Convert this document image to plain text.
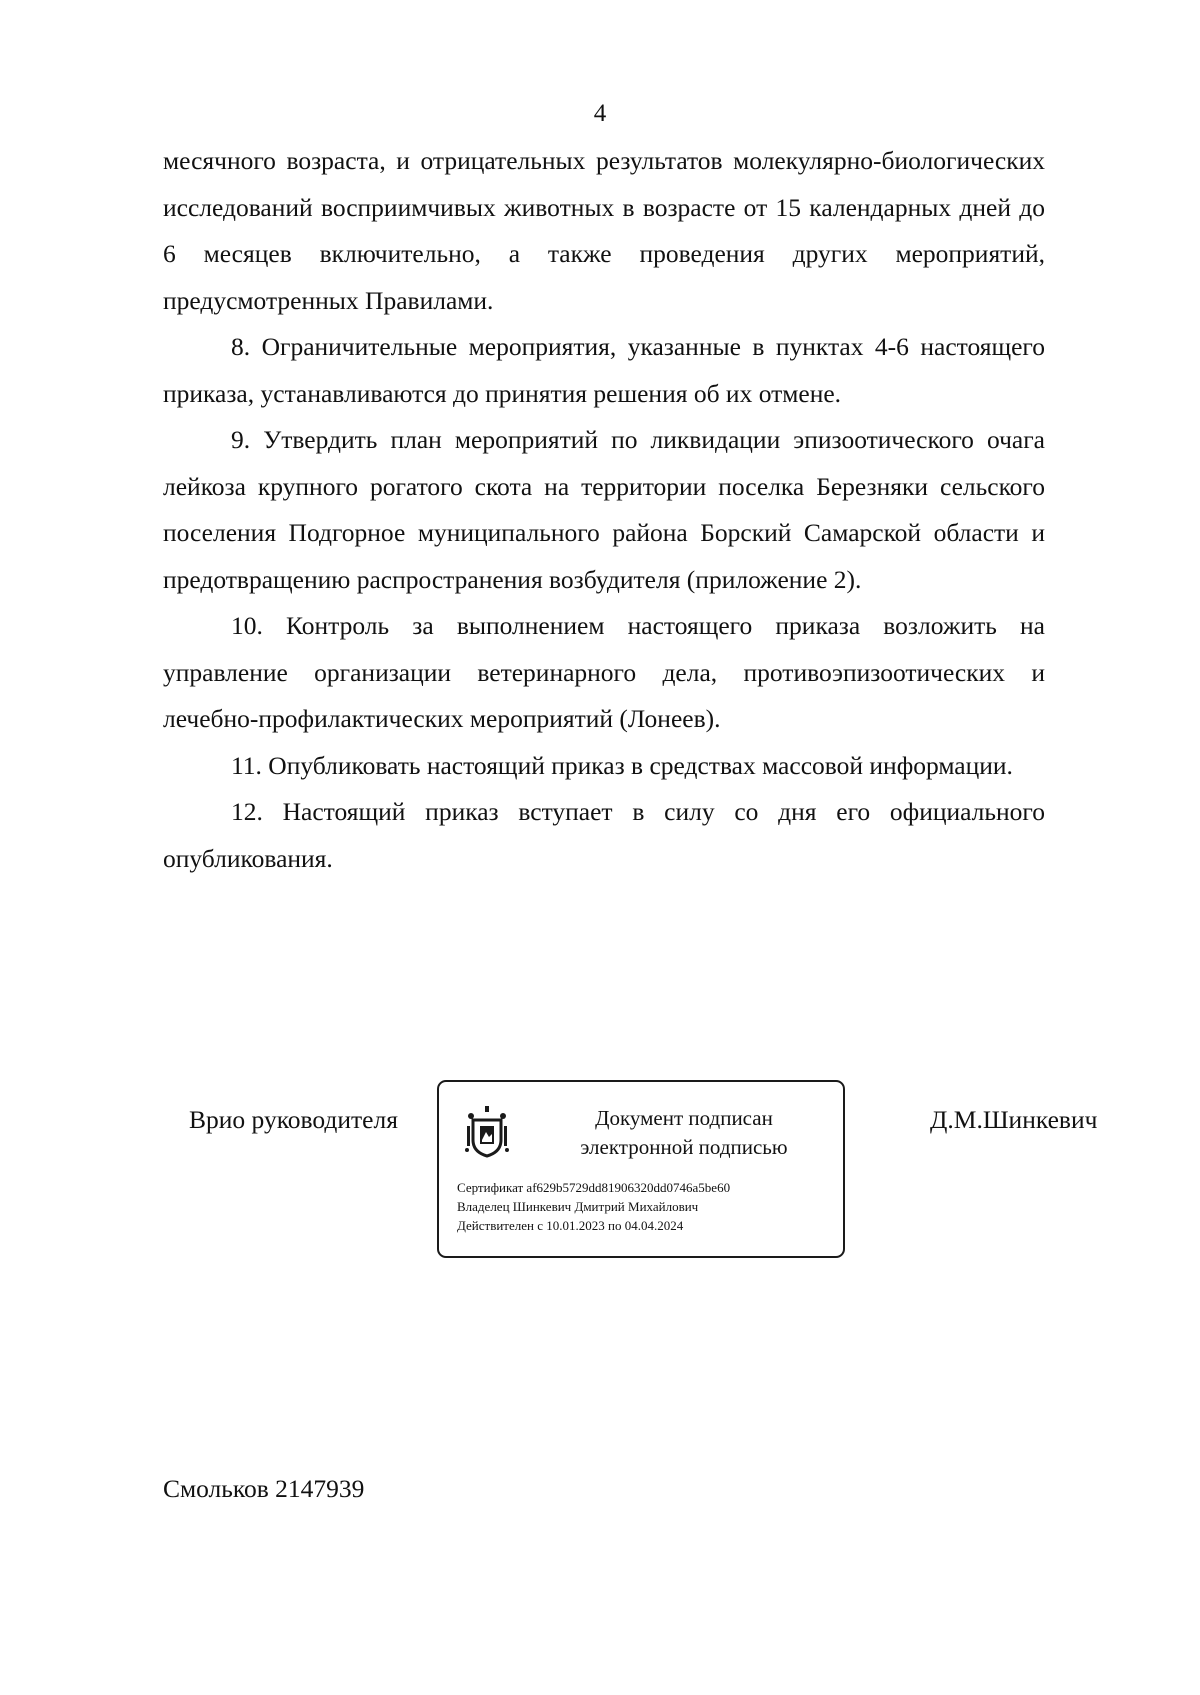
4

месячного возраста, и отрицательных результатов молекулярно-биологических исследований восприимчивых животных в возрасте от 15 календарных дней до 6 месяцев включительно, а также проведения других мероприятий, предусмотренных Правилами.

8. Ограничительные мероприятия, указанные в пунктах 4-6 настоящего приказа, устанавливаются до принятия решения об их отмене.

9. Утвердить план мероприятий по ликвидации эпизоотического очага лейкоза крупного рогатого скота на территории поселка Березняки сельского поселения Подгорное муниципального района Борский Самарской области и предотвращению распространения возбудителя (приложение 2).

10. Контроль за выполнением настоящего приказа возложить на управление организации ветеринарного дела, противоэпизоотических и лечебно-профилактических мероприятий (Лонеев).

11. Опубликовать настоящий приказ в средствах массовой информации.

12. Настоящий приказ вступает в силу со дня его официального опубликования.

Врио руководителя	Документ подписан
электронной подписью
Сертификат af629b5729dd81906320dd0746a5be60
Владелец Шинкевич Дмитрий Михайлович
Действителен с 10.01.2023 по 04.04.2024
Д.М.Шинкевич
Смольков 2147939
